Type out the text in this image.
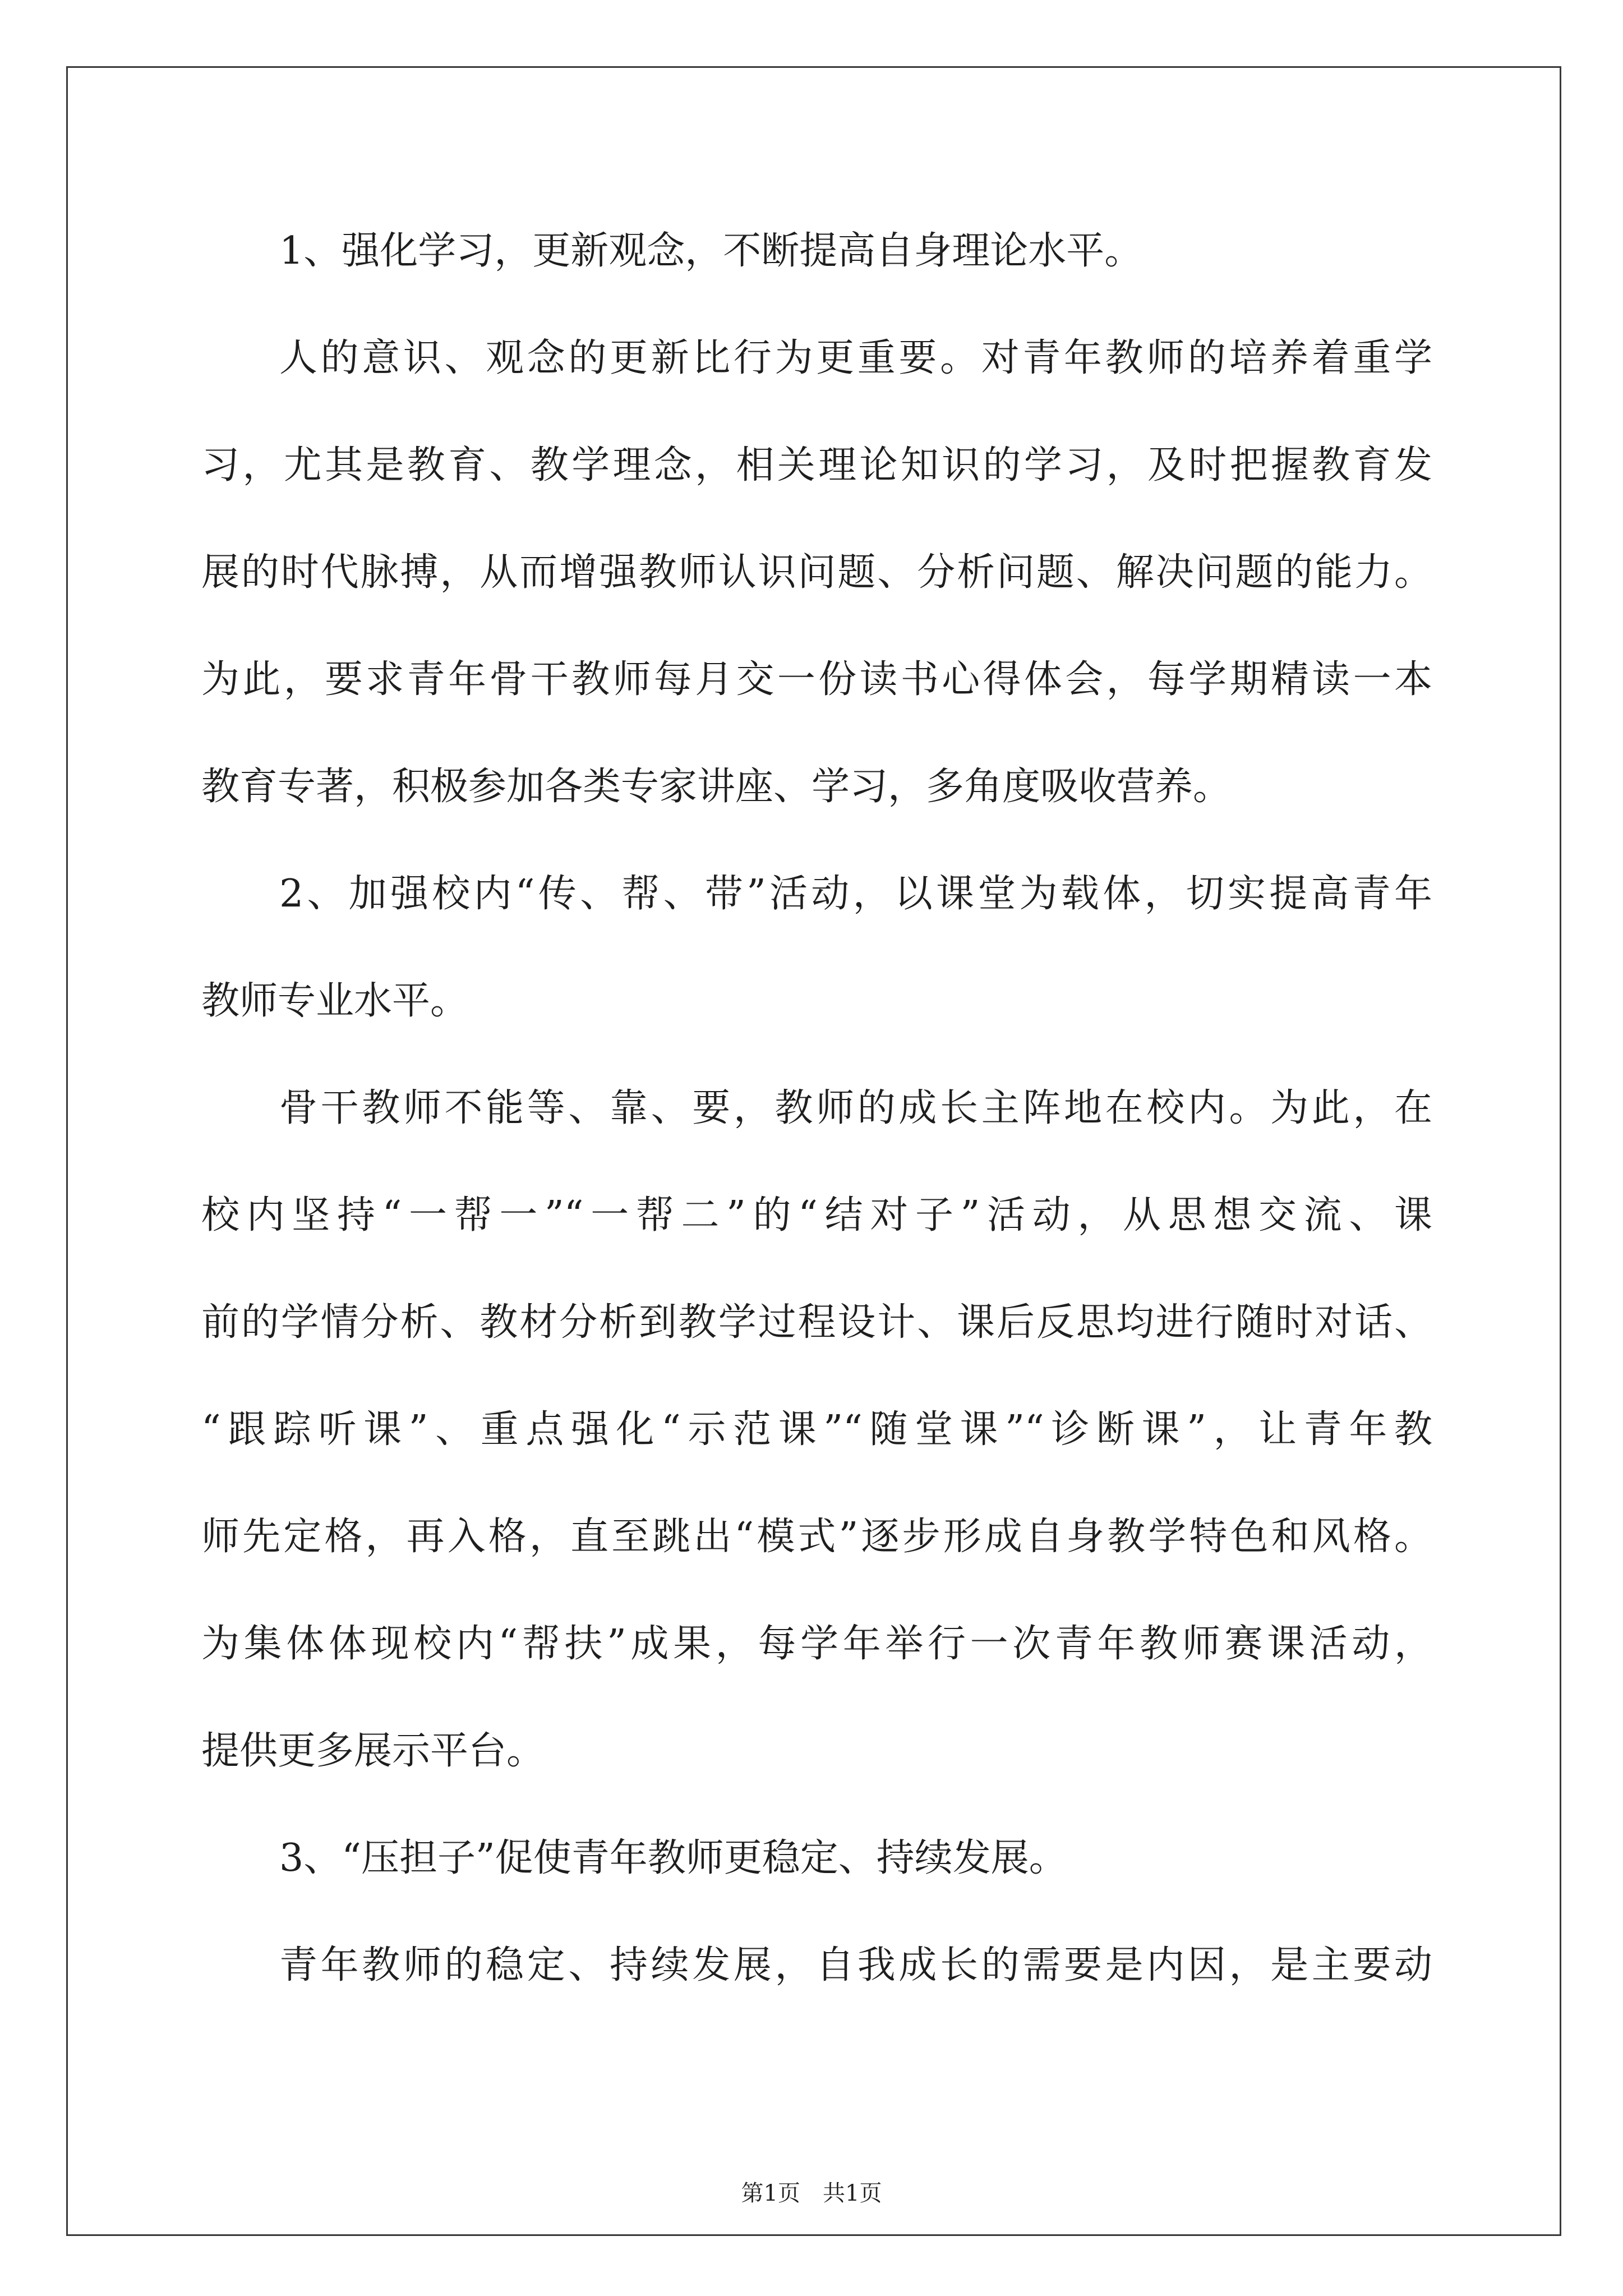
1、强化学习，更新观念，不断提高自身理论水平。
人的意识、观念的更新比行为更重要。对青年教师的培养着重学
习，尤其是教育、教学理念，相关理论知识的学习，及时把握教育发
展的时代脉搏，从而增强教师认识问题、分析问题、解决问题的能力。
为此，要求青年骨干教师每月交一份读书心得体会，每学期精读一本
教育专著，积极参加各类专家讲座、学习，多角度吸收营养。
2、加强校内“传、帮、带”活动，以课堂为载体，切实提高青年
教师专业水平。
骨干教师不能等、靠、要，教师的成长主阵地在校内。为此，在
校内坚持“一帮一”“一帮二”的“结对子”活动，从思想交流、课
前的学情分析、教材分析到教学过程设计、课后反思均进行随时对话、
“跟踪听课”、重点强化“示范课”“随堂课”“诊断课”，让青年教
师先定格，再入格，直至跳出“模式”逐步形成自身教学特色和风格。
为集体体现校内“帮扶”成果，每学年举行一次青年教师赛课活动，
提供更多展示平台。
3、“压担子”促使青年教师更稳定、持续发展。
青年教师的稳定、持续发展，自我成长的需要是内因，是主要动
第1页　共1页
